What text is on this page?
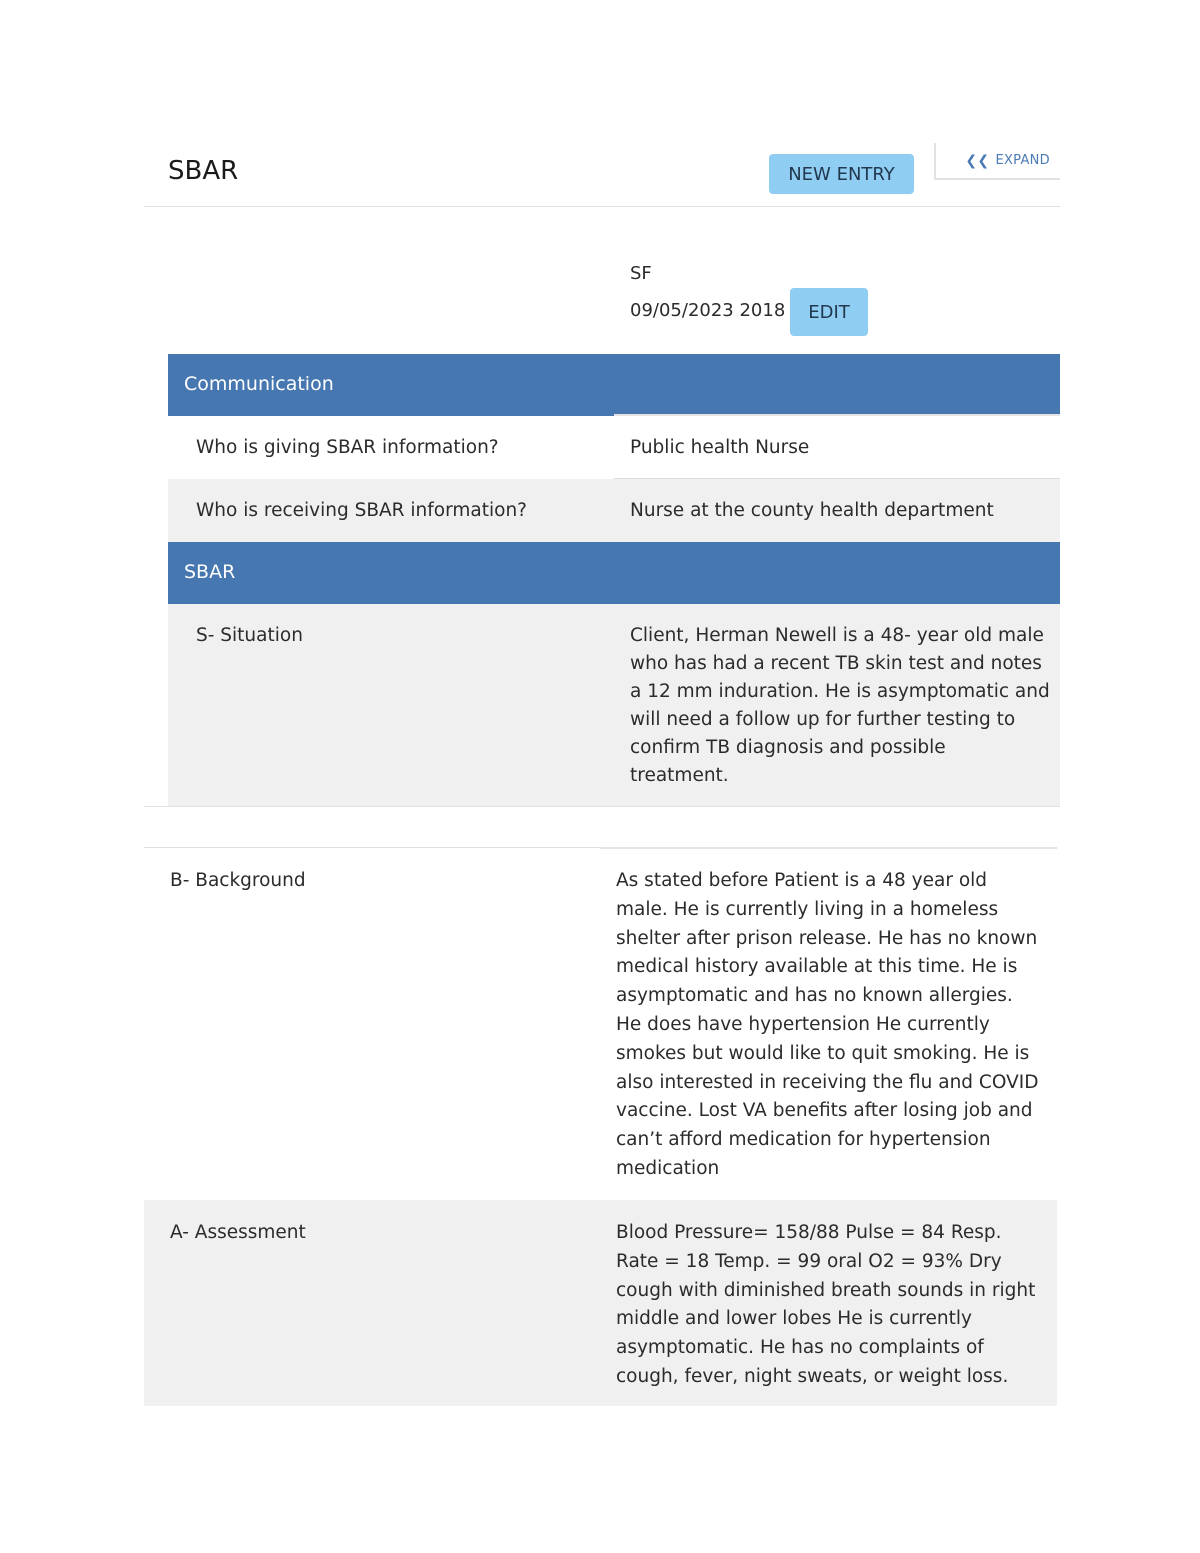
SBAR	NEW ENTRY
❮❮ EXPAND
SF
09/05/2023 2018	EDIT
Communication
Who is giving SBAR information?	Public health Nurse
Who is receiving SBAR information?	Nurse at the county health department
SBAR
S- Situation	Client, Herman Newell is a 48- year old male who has had a recent TB skin test and notes a 12 mm induration. He is asymptomatic and will need a follow up for further testing to confirm TB diagnosis and possible treatment.
B- Background	As stated before Patient is a 48 year old male. He is currently living in a homeless shelter after prison release. He has no known medical history available at this time. He is asymptomatic and has no known allergies. He does have hypertension He currently smokes but would like to quit smoking. He is also interested in receiving the flu and COVID vaccine. Lost VA benefits after losing job and can’t afford medication for hypertension medication
A- Assessment	Blood Pressure= 158/88 Pulse = 84 Resp. Rate = 18 Temp. = 99 oral O2 = 93% Dry cough with diminished breath sounds in right middle and lower lobes He is currently asymptomatic. He has no complaints of cough, fever, night sweats, or weight loss.
